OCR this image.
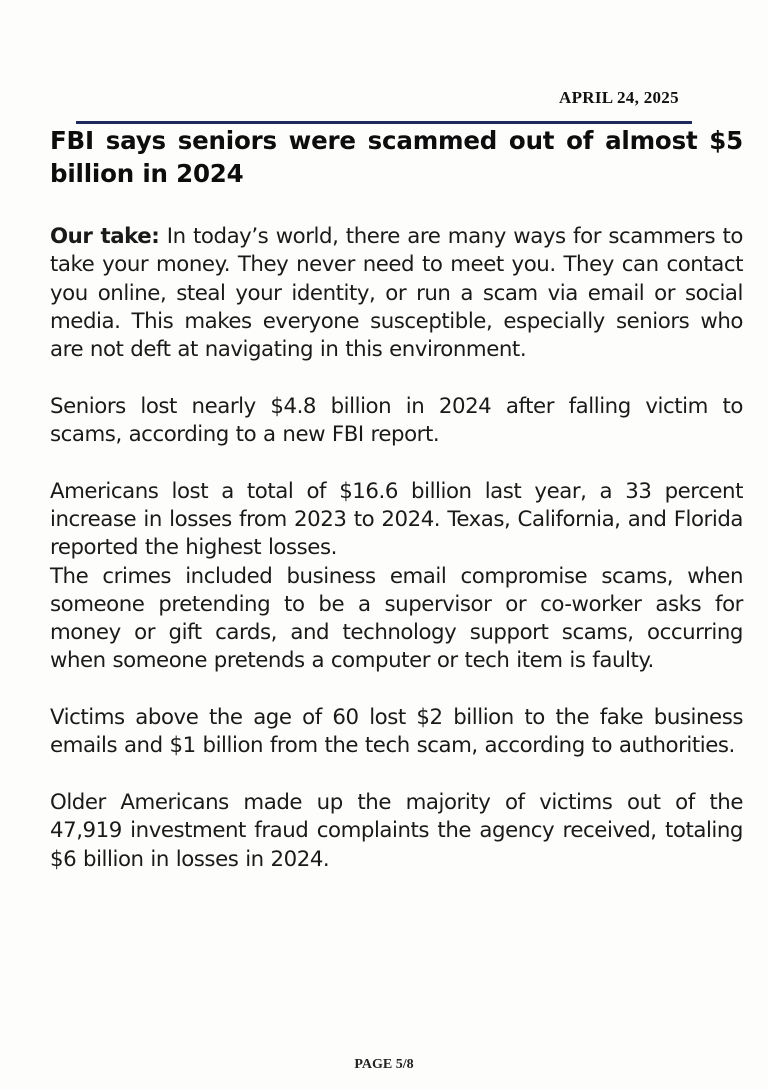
APRIL 24, 2025
FBI says seniors were scammed out of almost $5 billion in 2024

Our take: In today’s world, there are many ways for scammers to take your money. They never need to meet you. They can contact you online, steal your identity, or run a scam via email or social media. This makes everyone susceptible, especially seniors who are not deft at navigating in this environment.

Seniors lost nearly $4.8 billion in 2024 after falling victim to scams, according to a new FBI report.

Americans lost a total of $16.6 billion last year, a 33 percent increase in losses from 2023 to 2024. Texas, California, and Florida reported the highest losses.

The crimes included business email compromise scams, when someone pretending to be a supervisor or co-worker asks for money or gift cards, and technology support scams, occurring when someone pretends a computer or tech item is faulty.

Victims above the age of 60 lost $2 billion to the fake business emails and $1 billion from the tech scam, according to authorities.

Older Americans made up the majority of victims out of the 47,919 investment fraud complaints the agency received, totaling $6 billion in losses in 2024.

PAGE 5/8
